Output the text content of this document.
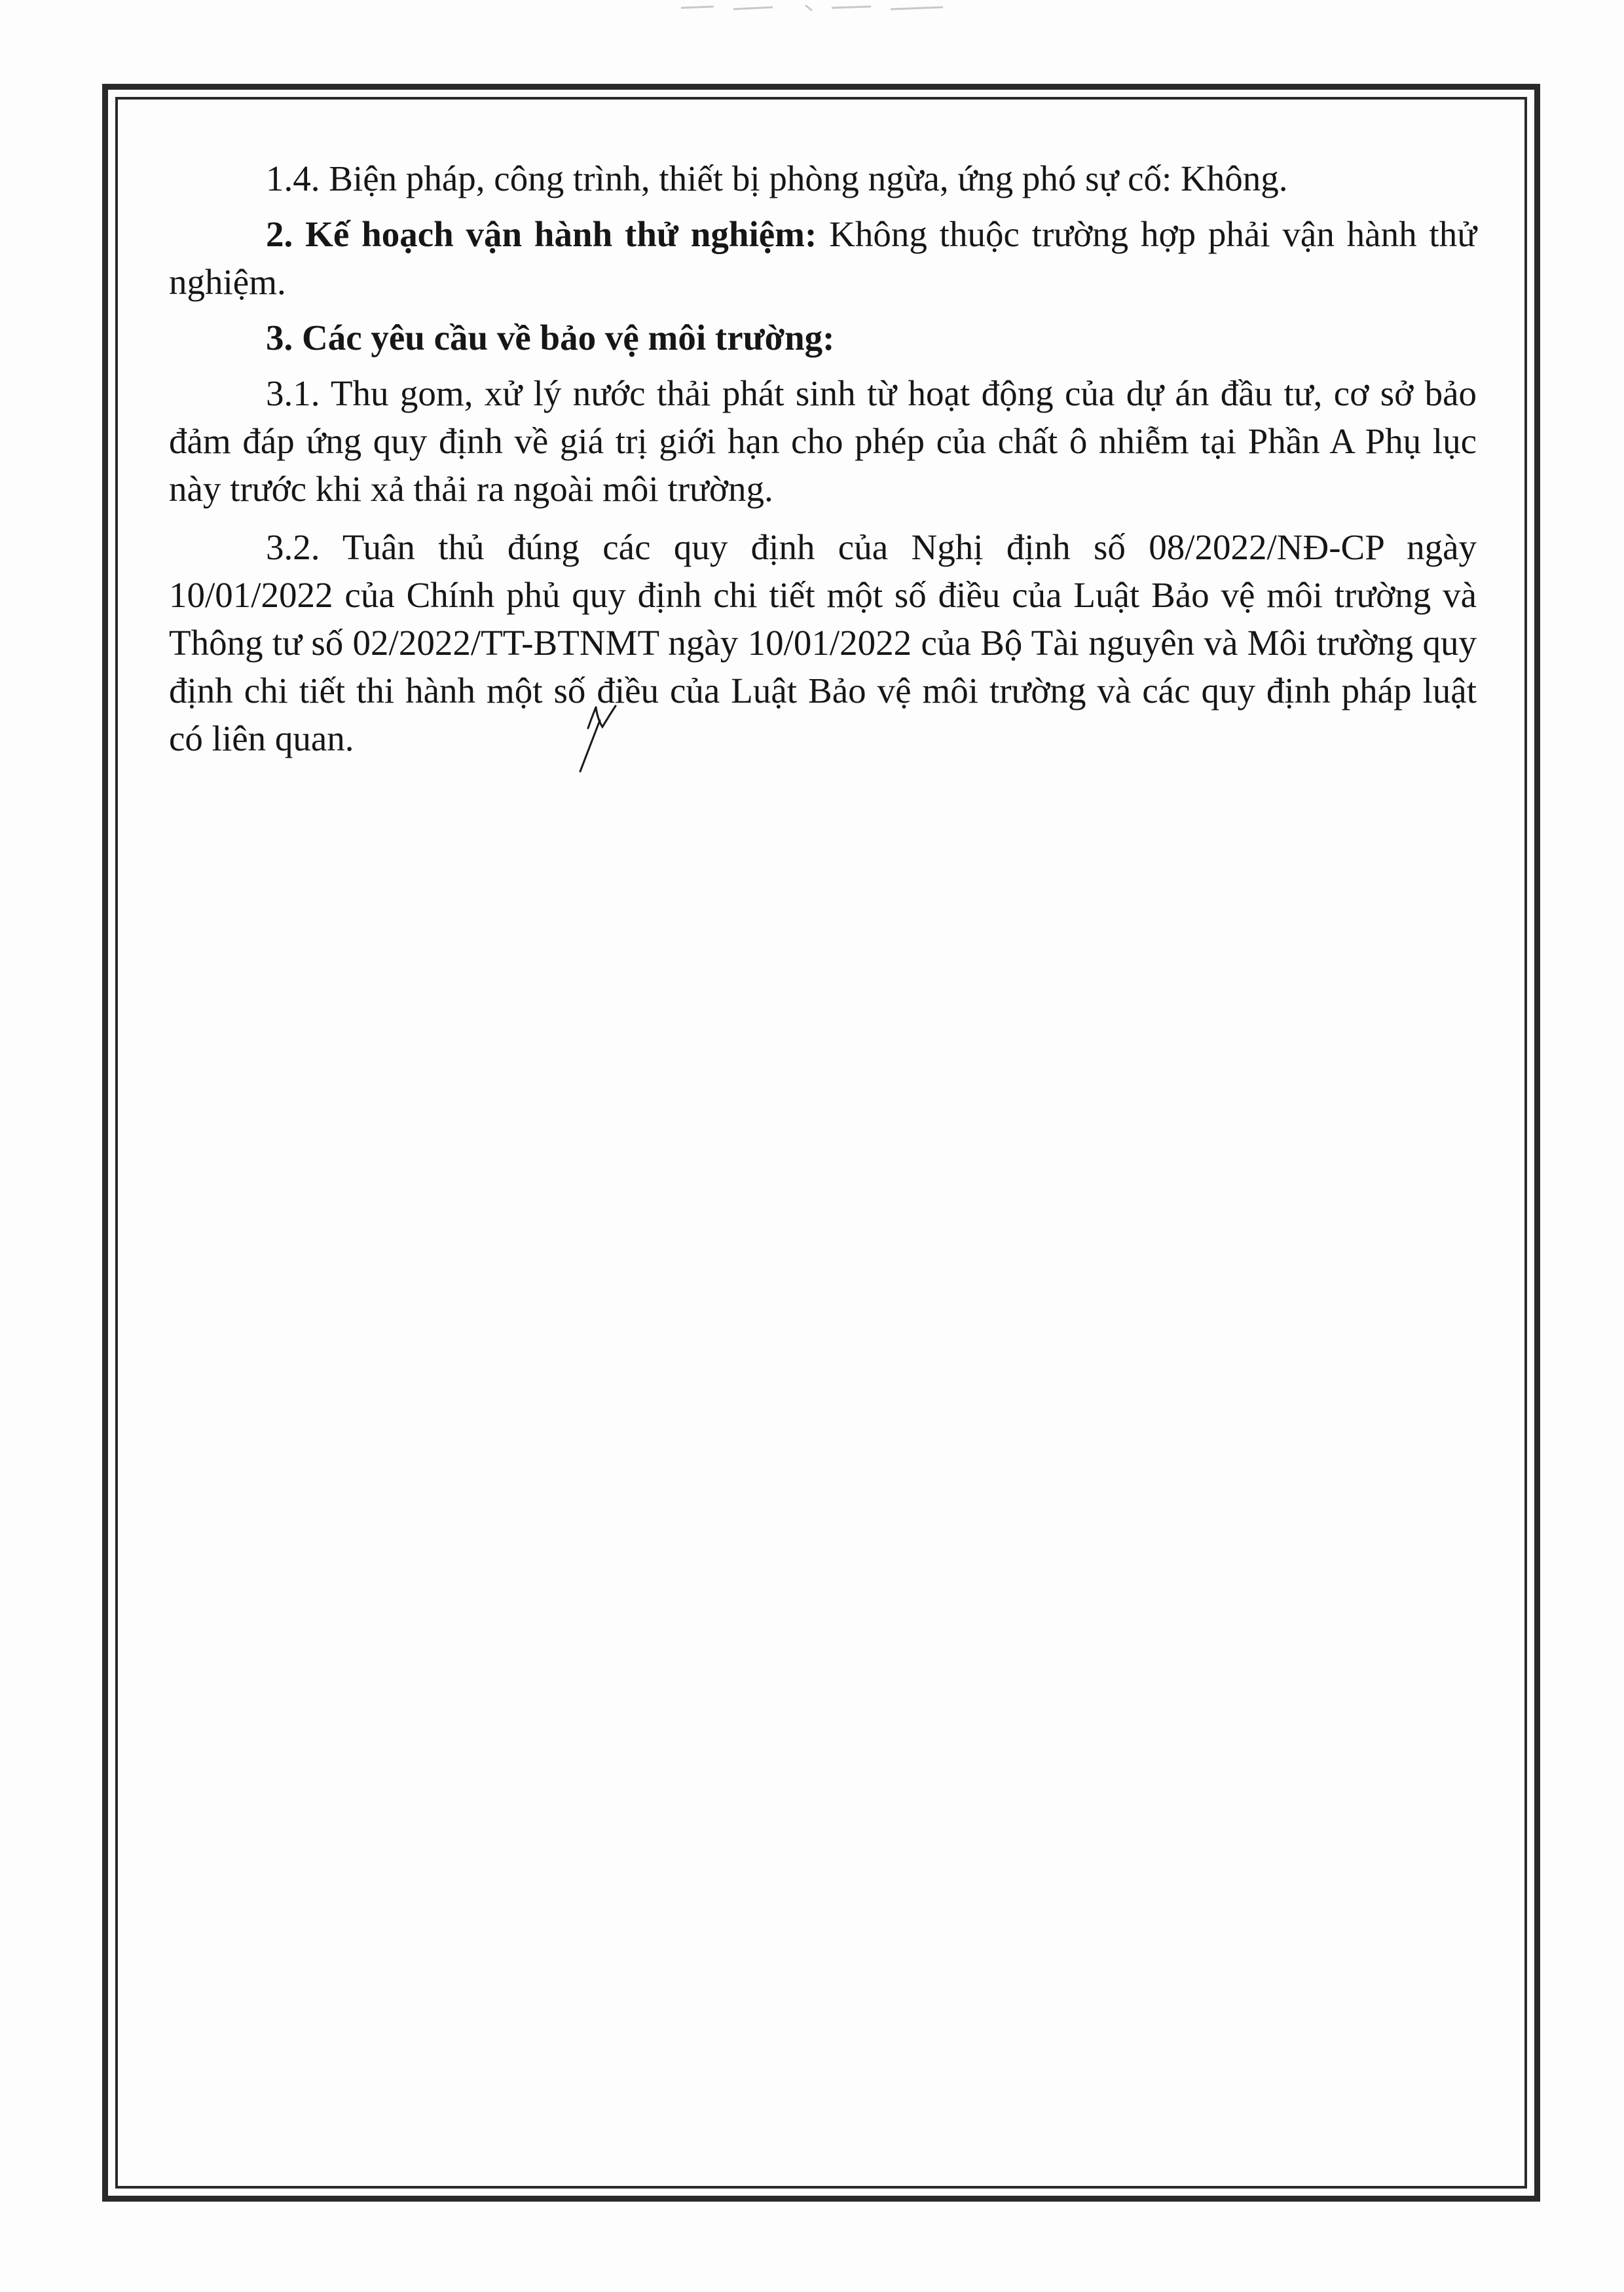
1.4. Biện pháp, công trình, thiết bị phòng ngừa, ứng phó sự cố: Không.

2. Kế hoạch vận hành thử nghiệm: Không thuộc trường hợp phải vận hành thử nghiệm.

3. Các yêu cầu về bảo vệ môi trường:

3.1. Thu gom, xử lý nước thải phát sinh từ hoạt động của dự án đầu tư, cơ sở bảo đảm đáp ứng quy định về giá trị giới hạn cho phép của chất ô nhiễm tại Phần A Phụ lục này trước khi xả thải ra ngoài môi trường.

3.2. Tuân thủ đúng các quy định của Nghị định số 08/2022/NĐ-CP ngày 10/01/2022 của Chính phủ quy định chi tiết một số điều của Luật Bảo vệ môi trường và Thông tư số 02/2022/TT-BTNMT ngày 10/01/2022 của Bộ Tài nguyên và Môi trường quy định chi tiết thi hành một số điều của Luật Bảo vệ môi trường và các quy định pháp luật có liên quan.
